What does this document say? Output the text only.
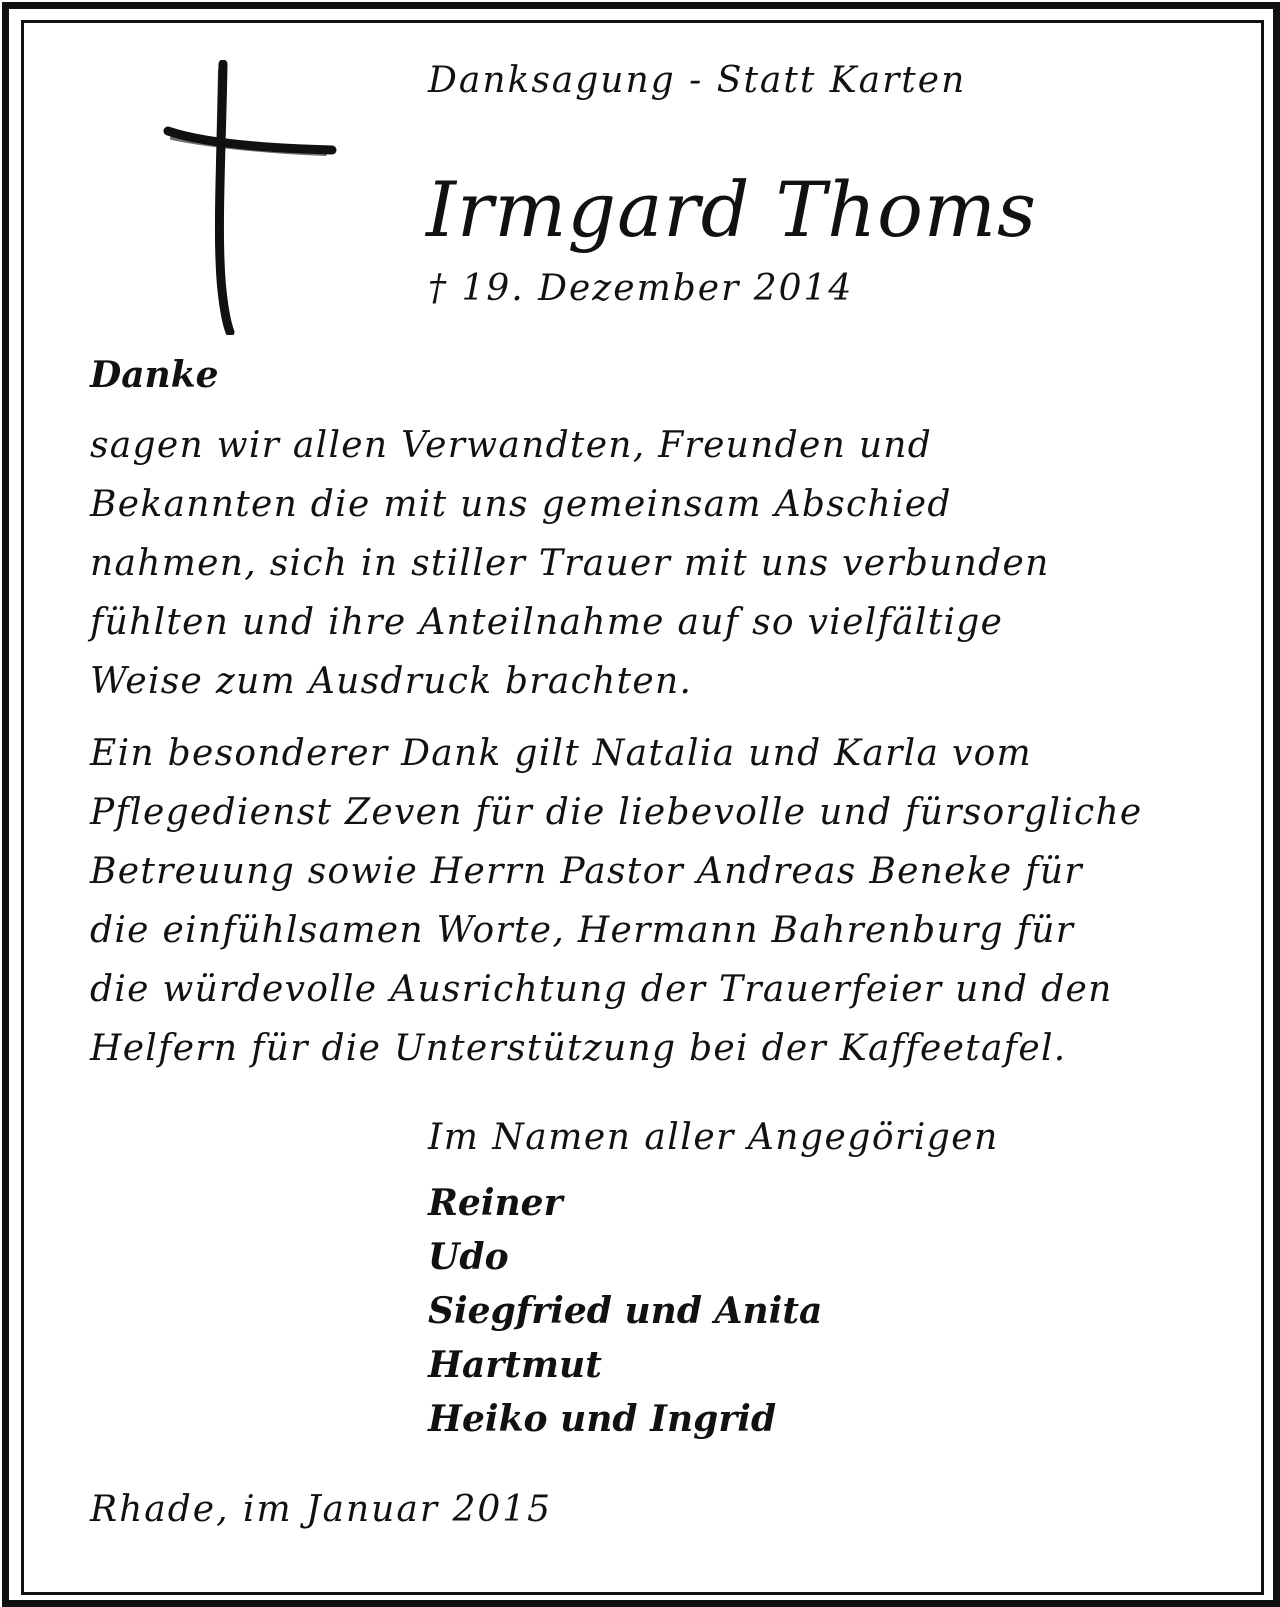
Danksagung - Statt Karten
Irmgard Thoms
† 19. Dezember 2014
Danke

sagen wir allen Verwandten, Freunden und
Bekannten die mit uns gemeinsam Abschied
nahmen, sich in stiller Trauer mit uns verbunden
fühlten und ihre Anteilnahme auf so vielfältige
Weise zum Ausdruck brachten.

Ein besonderer Dank gilt Natalia und Karla vom
Pflegedienst Zeven für die liebevolle und fürsorgliche
Betreuung sowie Herrn Pastor Andreas Beneke für
die einfühlsamen Worte, Hermann Bahrenburg für
die würdevolle Ausrichtung der Trauerfeier und den
Helfern für die Unterstützung bei der Kaffeetafel.

Im Namen aller Angegörigen
Reiner
Udo
Siegfried und Anita
Hartmut
Heiko und Ingrid
Rhade, im Januar 2015
